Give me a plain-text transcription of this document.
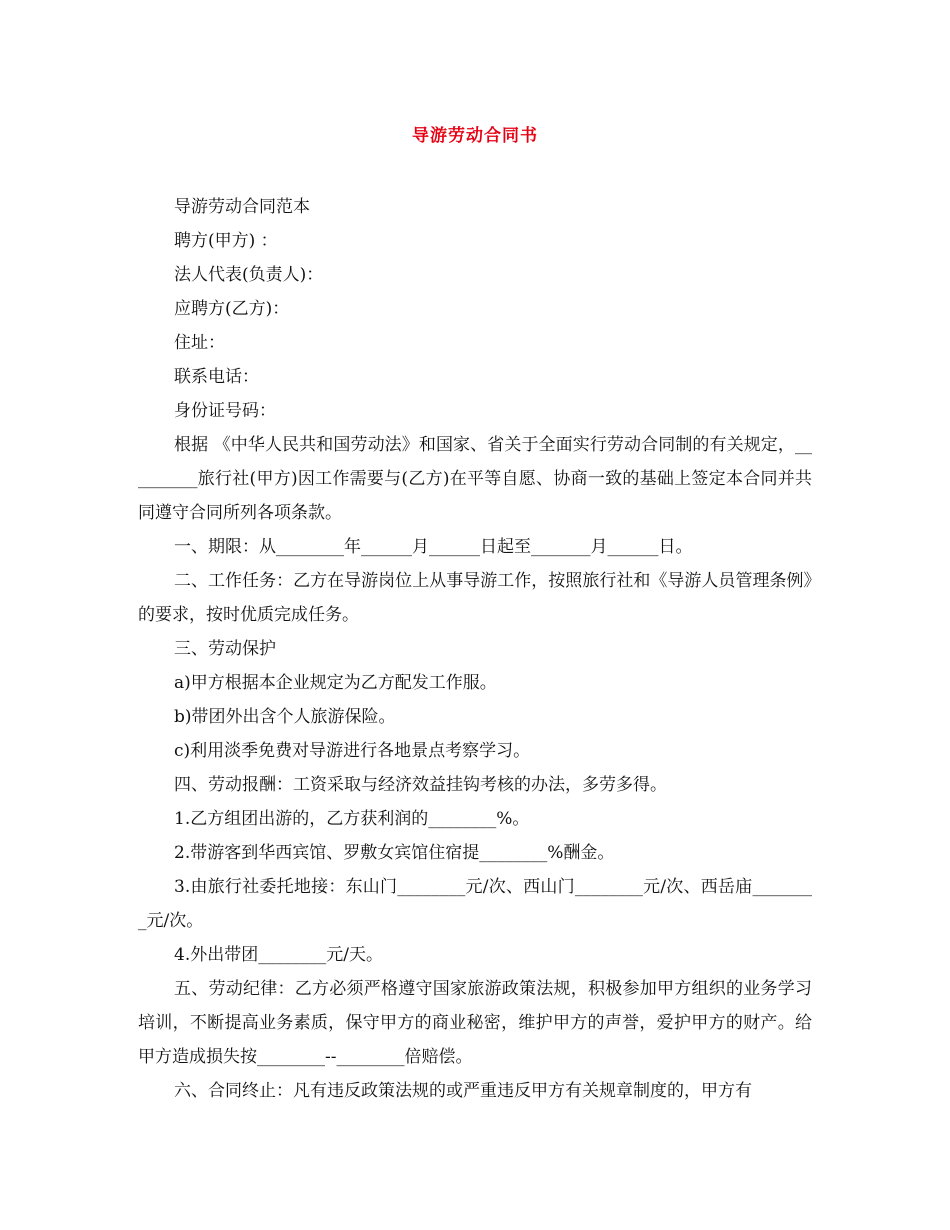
导游劳动合同书

导游劳动合同范本

聘方(甲方) ：

法人代表(负责人)：

应聘方(乙方)：

住址：

联系电话：

身份证号码：

根据 《中华人民共和国劳动法》和国家、省关于全面实行劳动合同制的有关规定，_________旅行社(甲方)因工作需要与(乙方)在平等自愿、协商一致的基础上签定本合同并共同遵守合同所列各项条款。

一、期限：从________年______月______日起至_______月______日。

二、工作任务：乙方在导游岗位上从事导游工作，按照旅行社和《导游人员管理条例》的要求，按时优质完成任务。

三、劳动保护

a)甲方根据本企业规定为乙方配发工作服。

b)带团外出含个人旅游保险。

c)利用淡季免费对导游进行各地景点考察学习。

四、劳动报酬：工资采取与经济效益挂钩考核的办法，多劳多得。

1.乙方组团出游的，乙方获利润的________%。

2.带游客到华西宾馆、罗敷女宾馆住宿提________%酬金。

3.由旅行社委托地接：东山门________元/次、西山门________元/次、西岳庙________元/次。

4.外出带团________元/天。

五、劳动纪律：乙方必须严格遵守国家旅游政策法规，积极参加甲方组织的业务学习培训，不断提高业务素质，保守甲方的商业秘密，维护甲方的声誉，爱护甲方的财产。给甲方造成损失按________--________倍赔偿。

六、合同终止：凡有违反政策法规的或严重违反甲方有关规章制度的，甲方有
